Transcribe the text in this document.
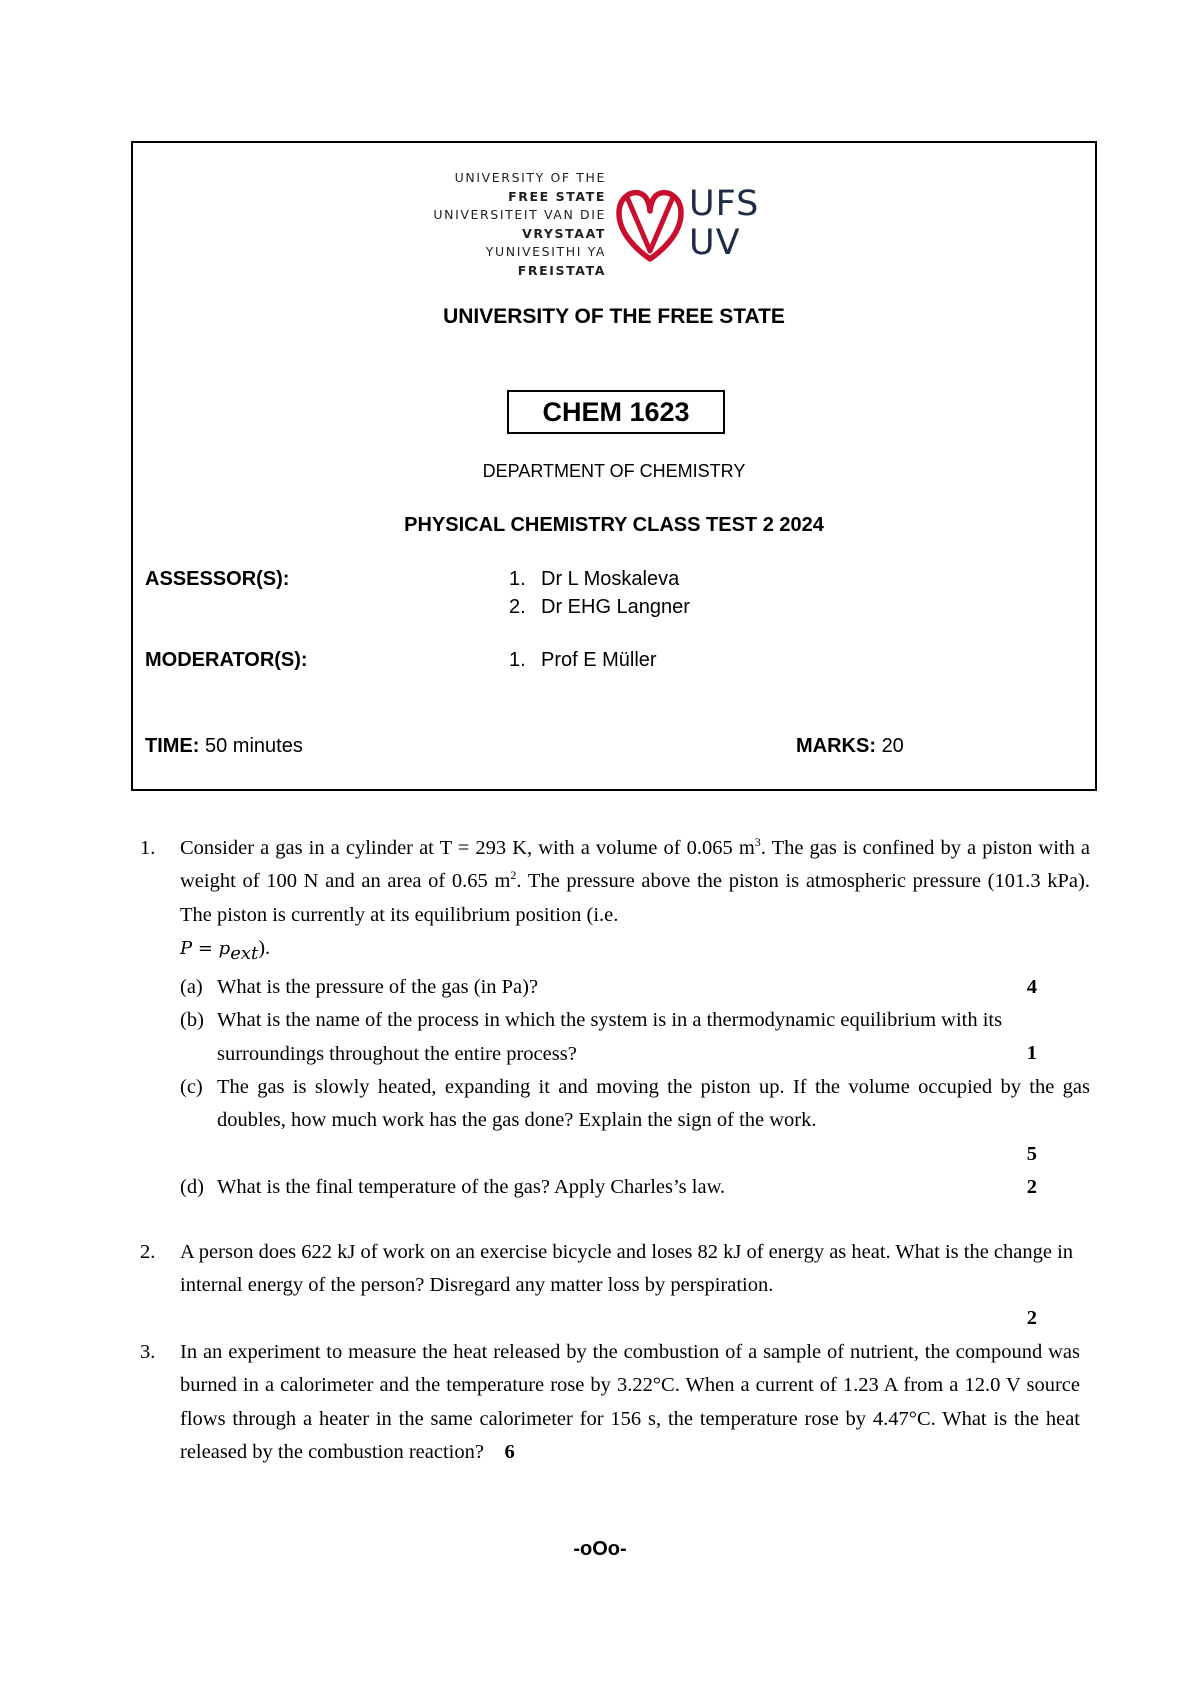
UNIVERSITY OF THE
FREE STATE
UNIVERSITEIT VAN DIE
VRYSTAAT
YUNIVESITHI YA
FREISTATA
UFS
UV
UNIVERSITY OF THE FREE STATE
CHEM 1623
DEPARTMENT OF CHEMISTRY
PHYSICAL CHEMISTRY CLASS TEST 2 2024
ASSESSOR(S):	1. Dr L Moskaleva
2. Dr EHG Langner
MODERATOR(S):	1. Prof E Müller
TIME: 50 minutes	MARKS: 20
1. Consider a gas in a cylinder at T = 293 K, with a volume of 0.065 $m^3$. The gas is confined by a piston with a weight of 100 N and an area of 0.65 $m^2$. The pressure above the piston is atmospheric pressure (101.3 kPa). The piston is currently at its equilibrium position (i.e.

$P = p_{ext}$).

(a) What is the pressure of the gas (in Pa)?	4
(b) What is the name of the process in which the system is in a thermodynamic equilibrium with its surroundings throughout the entire process?	1
(c) The gas is slowly heated, expanding it and moving the piston up. If the volume occupied by the gas doubles, how much work has the gas done? Explain the sign of the work.

5
(d) What is the final temperature of the gas? Apply Charles’s law.	2
2. A person does 622 kJ of work on an exercise bicycle and loses 82 kJ of energy as heat. What is the change in internal energy of the person? Disregard any matter loss by perspiration.

2
3. In an experiment to measure the heat released by the combustion of a sample of nutrient, the compound was burned in a calorimeter and the temperature rose by 3.22°C. When a current of 1.23 A from a 12.0 V source flows through a heater in the same calorimeter for 156 s, the temperature rose by 4.47°C. What is the heat released by the combustion reaction? 6

-oOo-
